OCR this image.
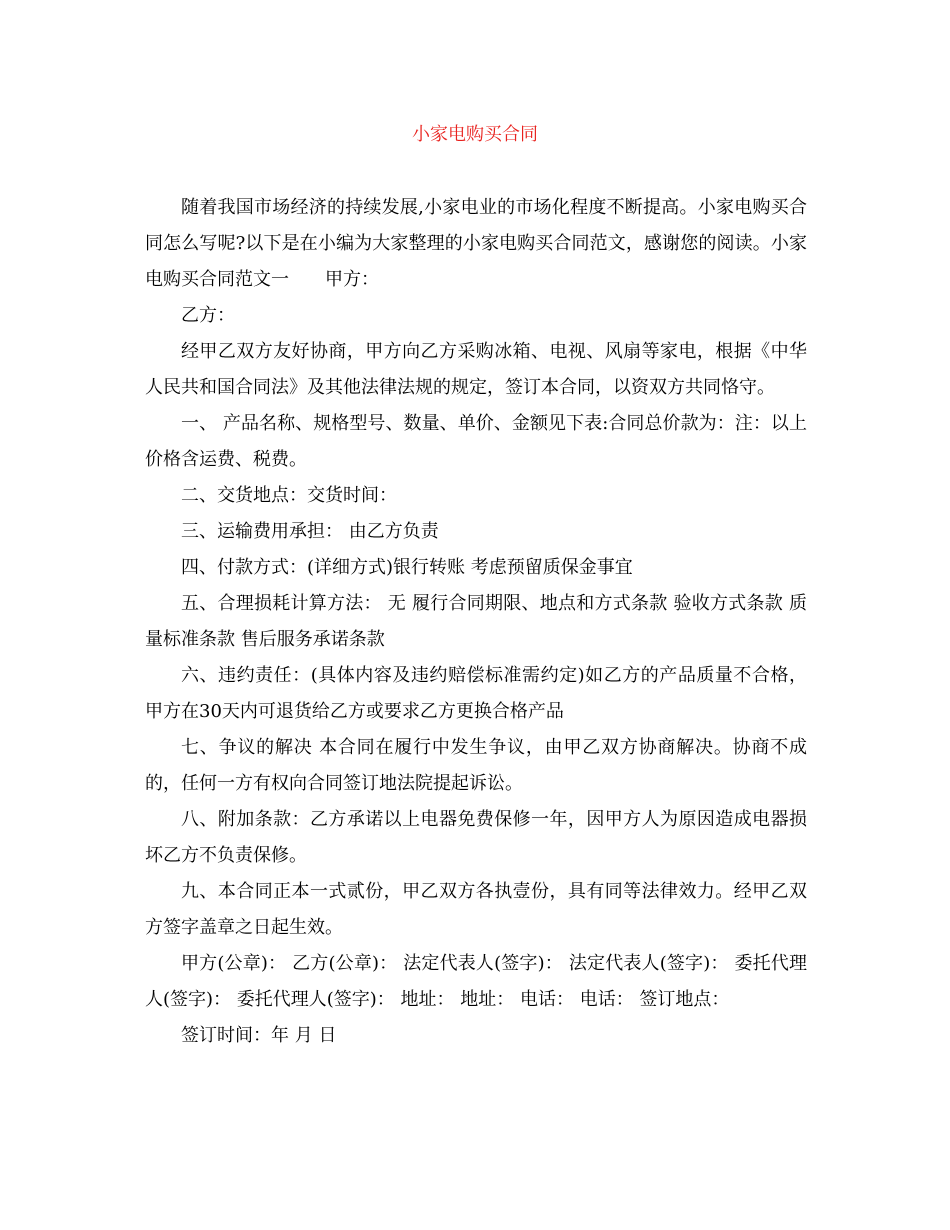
小家电购买合同

随着我国市场经济的持续发展,小家电业的市场化程度不断提高。小家电购买合同怎么写呢?以下是在小编为大家整理的小家电购买合同范文，感谢您的阅读。小家电购买合同范文一　　甲方：

乙方：

经甲乙双方友好协商，甲方向乙方采购冰箱、电视、风扇等家电，根据《中华人民共和国合同法》及其他法律法规的规定，签订本合同，以资双方共同恪守。

一、 产品名称、规格型号、数量、单价、金额见下表:合同总价款为：注：以上价格含运费、税费。

二、交货地点：交货时间：

三、运输费用承担： 由乙方负责

四、付款方式：(详细方式)银行转账 考虑预留质保金事宜

五、合理损耗计算方法： 无 履行合同期限、地点和方式条款 验收方式条款 质量标准条款 售后服务承诺条款

六、违约责任：(具体内容及违约赔偿标准需约定)如乙方的产品质量不合格，甲方在30天内可退货给乙方或要求乙方更换合格产品

七、争议的解决 本合同在履行中发生争议，由甲乙双方协商解决。协商不成的，任何一方有权向合同签订地法院提起诉讼。

八、附加条款：乙方承诺以上电器免费保修一年，因甲方人为原因造成电器损坏乙方不负责保修。

九、本合同正本一式贰份，甲乙双方各执壹份，具有同等法律效力。经甲乙双方签字盖章之日起生效。

甲方(公章)： 乙方(公章)： 法定代表人(签字)： 法定代表人(签字)： 委托代理人(签字)： 委托代理人(签字)： 地址： 地址： 电话： 电话： 签订地点：

签订时间：年 月 日
